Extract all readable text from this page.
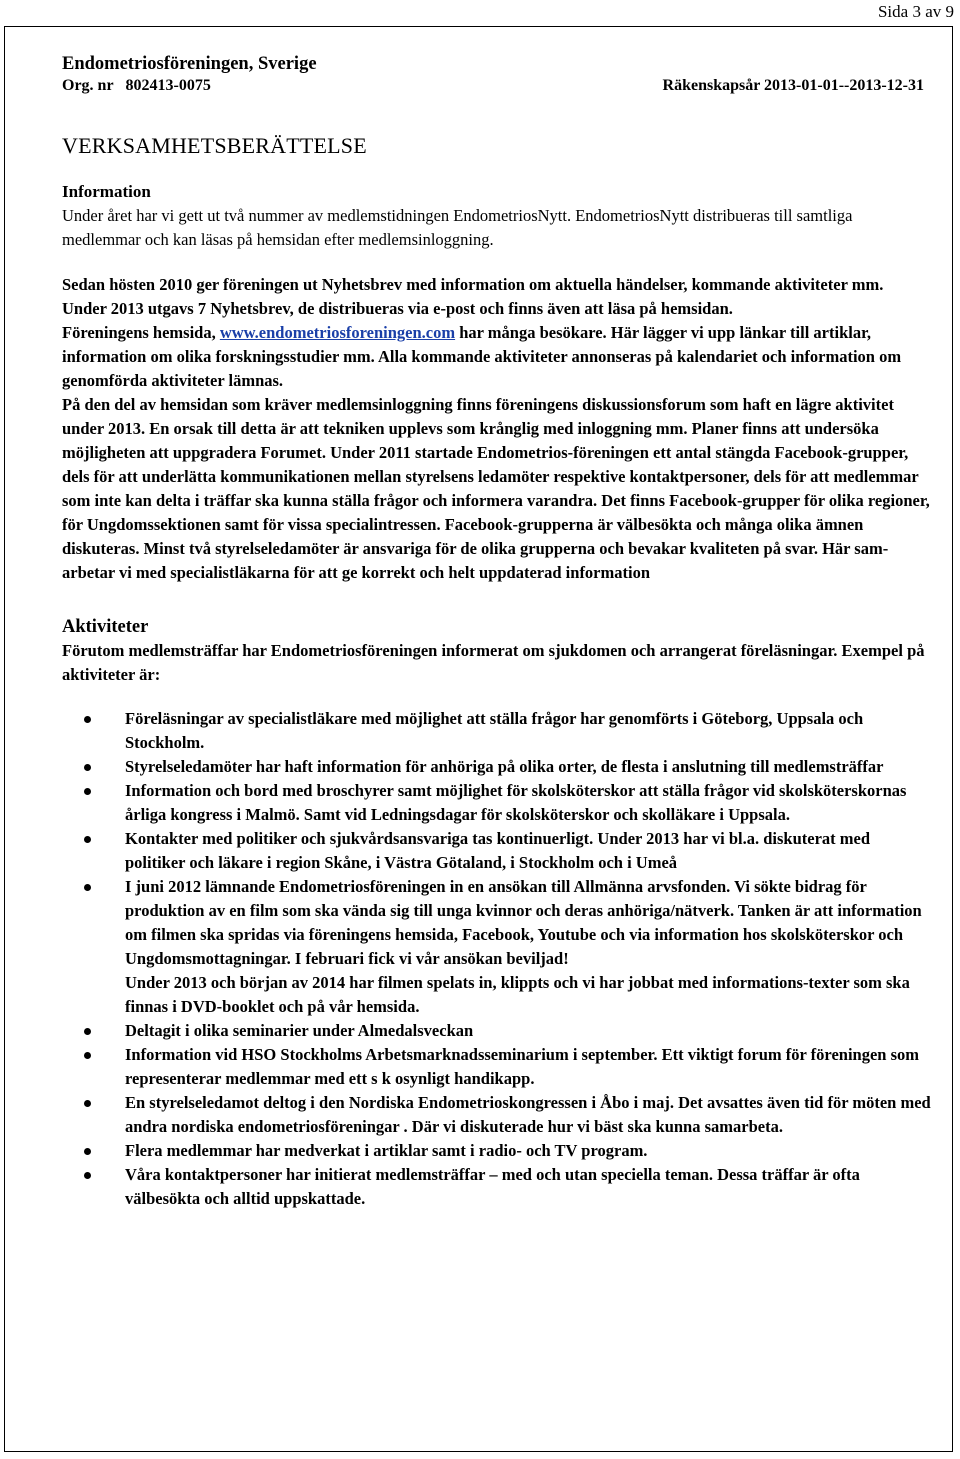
Sida 3 av 9
Endometriosföreningen, Sverige
Org. nr 802413-0075	Räkenskapsår 2013-01-01--2013-12-31
VERKSAMHETSBERÄTTELSE
Information

Under året har vi gett ut två nummer av medlemstidningen EndometriosNytt. EndometriosNytt distribueras till samtliga medlemmar och kan läsas på hemsidan efter medlemsinloggning.

Sedan hösten 2010 ger föreningen ut Nyhetsbrev med information om aktuella händelser, kommande aktiviteter mm. Under 2013 utgavs 7 Nyhetsbrev, de distribueras via e-post och finns även att läsa på hemsidan.

Föreningens hemsida, www.endometriosforeningen.com har många besökare. Här lägger vi upp länkar till artiklar, information om olika forskningsstudier mm. Alla kommande aktiviteter annonseras på kalendariet och information om genomförda aktiviteter lämnas.

På den del av hemsidan som kräver medlemsinloggning finns föreningens diskussionsforum som haft en lägre aktivitet under 2013. En orsak till detta är att tekniken upplevs som krånglig med inloggning mm. Planer finns att undersöka möjligheten att uppgradera Forumet. Under 2011 startade Endometrios-föreningen ett antal stängda Facebook-grupper, dels för att underlätta kommunikationen mellan styrelsens ledamöter respektive kontaktpersoner, dels för att medlemmar som inte kan delta i träffar ska kunna ställa frågor och informera varandra. Det finns Facebook-grupper för olika regioner, för Ungdomssektionen samt för vissa specialintressen. Facebook-grupperna är välbesökta och många olika ämnen diskuteras. Minst två styrelseledamöter är ansvariga för de olika grupperna och bevakar kvaliteten på svar. Här sam-arbetar vi med specialistläkarna för att ge korrekt och helt uppdaterad information

Aktiviteter

Förutom medlemsträffar har Endometriosföreningen informerat om sjukdomen och arrangerat föreläsningar. Exempel på aktiviteter är:

Föreläsningar av specialistläkare med möjlighet att ställa frågor har genomförts i Göteborg, Uppsala och Stockholm.
Styrelseledamöter har haft information för anhöriga på olika orter, de flesta i anslutning till medlemsträffar
Information och bord med broschyrer samt möjlighet för skolsköterskor att ställa frågor vid skolsköterskornas årliga kongress i Malmö. Samt vid Ledningsdagar för skolsköterskor och skolläkare i Uppsala.
Kontakter med politiker och sjukvårdsansvariga tas kontinuerligt. Under 2013 har vi bl.a. diskuterat med politiker och läkare i region Skåne, i Västra Götaland, i Stockholm och i Umeå
I juni 2012 lämnande Endometriosföreningen in en ansökan till Allmänna arvsfonden. Vi sökte bidrag för produktion av en film som ska vända sig till unga kvinnor och deras anhöriga/nätverk. Tanken är att information om filmen ska spridas via föreningens hemsida, Facebook, Youtube och via information hos skolsköterskor och Ungdomsmottagningar. I februari fick vi vår ansökan beviljad!
Under 2013 och början av 2014 har filmen spelats in, klippts och vi har jobbat med informations-texter som ska finnas i DVD-booklet och på vår hemsida.
Deltagit i olika seminarier under Almedalsveckan
Information vid HSO Stockholms Arbetsmarknadsseminarium i september. Ett viktigt forum för föreningen som representerar medlemmar med ett s k osynligt handikapp.
En styrelseledamot deltog i den Nordiska Endometrioskongressen i Åbo i maj. Det avsattes även tid för möten med andra nordiska endometriosföreningar . Där vi diskuterade hur vi bäst ska kunna samarbeta.
Flera medlemmar har medverkat i artiklar samt i radio- och TV program.
Våra kontaktpersoner har initierat medlemsträffar – med och utan speciella teman. Dessa träffar är ofta välbesökta och alltid uppskattade.
